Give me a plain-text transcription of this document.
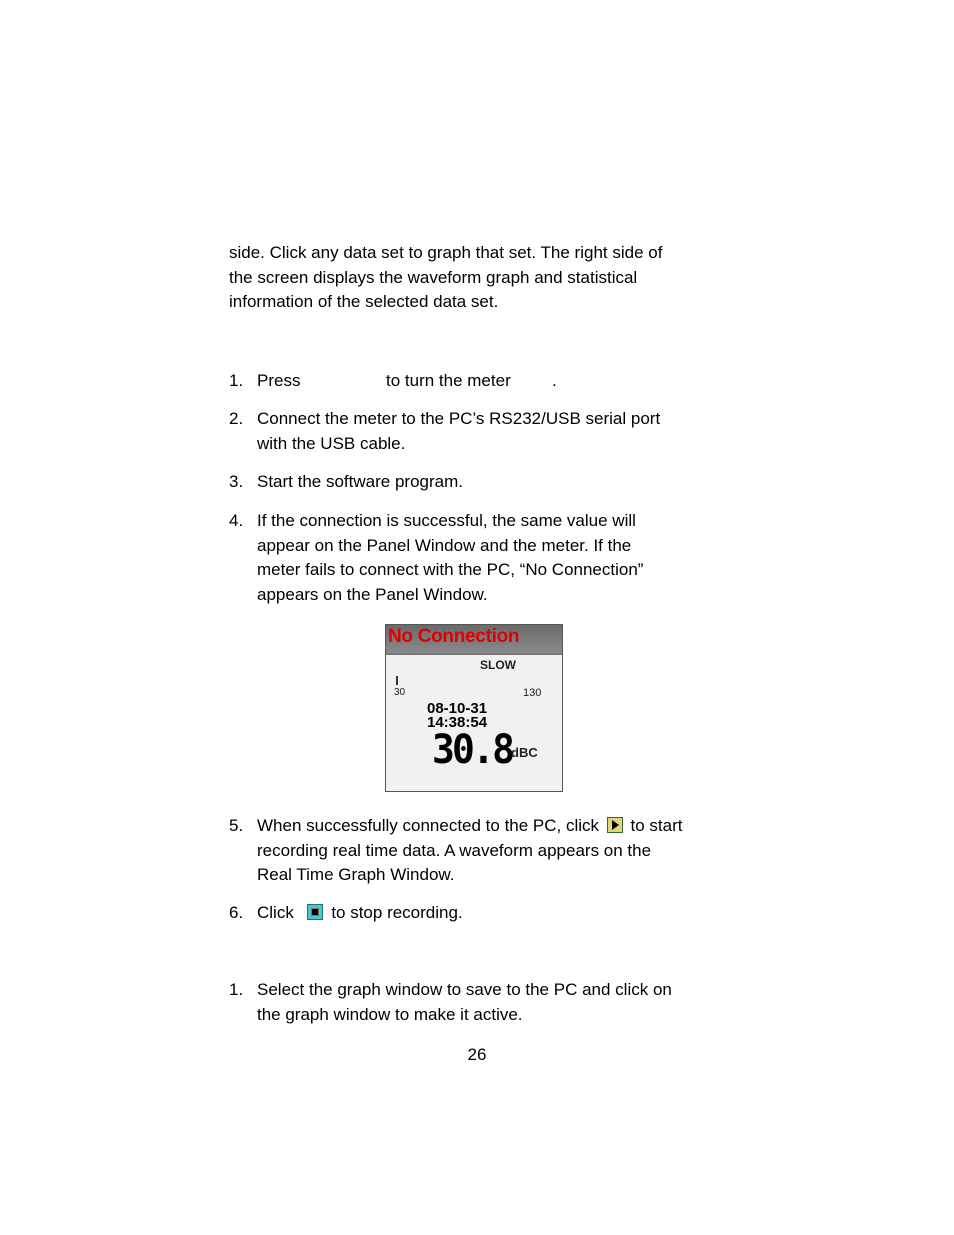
side. Click any data set to graph that set. The right side of
the screen displays the waveform graph and statistical
information of the selected data set.
1. Press	to turn the meter .
2. Connect the meter to the PC’s RS232/USB serial port
with the USB cable.
3. Start the software program.
4. If the connection is successful, the same value will
appear on the Panel Window and the meter. If the
meter fails to connect with the PC, “No Connection”
appears on the Panel Window.
No Connection
SLOW
30	130
08-10-31
14:38:54
30.8
dBC
5. When successfully connected to the PC, click to start
recording real time data. A waveform appears on the
Real Time Graph Window.
6. Click to stop recording.
1. Select the graph window to save to the PC and click on
the graph window to make it active.
26
